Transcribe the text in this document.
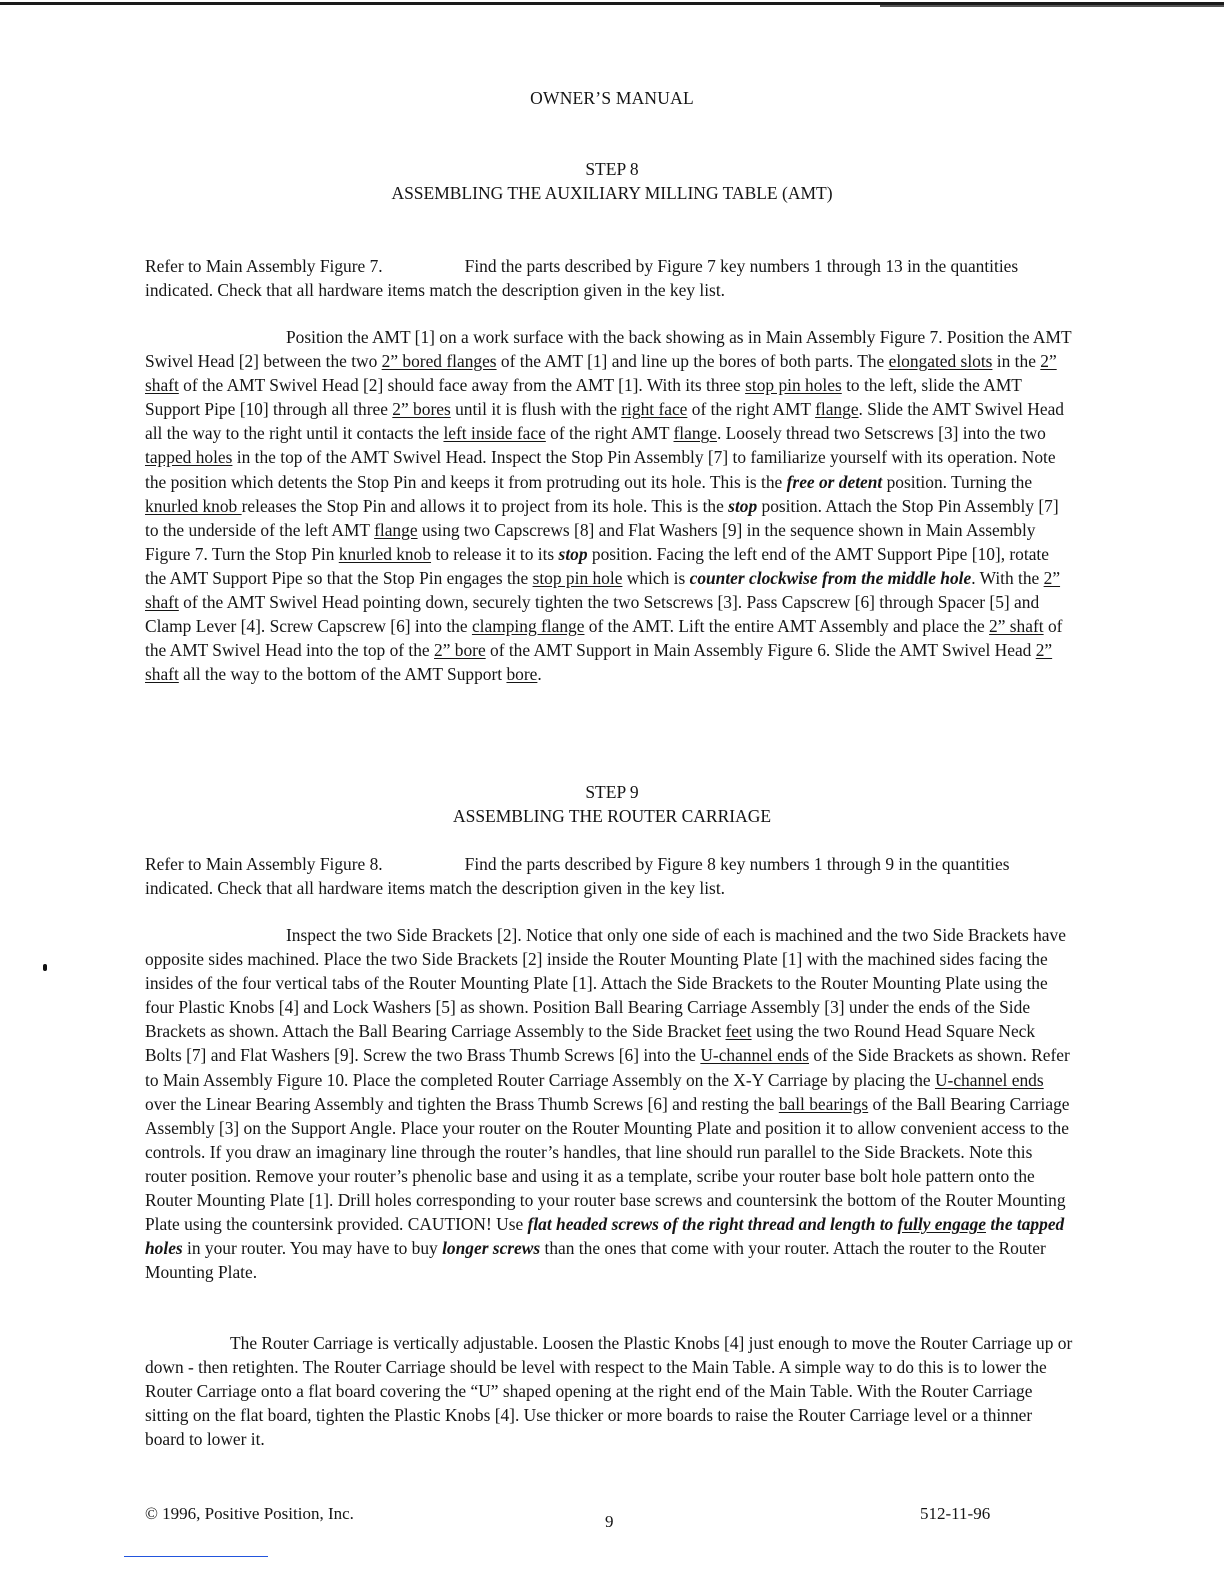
OWNER’S MANUAL
STEP 8
ASSEMBLING THE AUXILIARY MILLING TABLE (AMT)
Refer to Main Assembly Figure 7.	Find the parts described by Figure 7 key numbers 1 through 13 in the quantities indicated. Check that all hardware items match the description given in the key list.
Position the AMT [1] on a work surface with the back showing as in Main Assembly Figure 7. Position the AMT Swivel Head [2] between the two 2” bored flanges of the AMT [1] and line up the bores of both parts. The elongated slots in the 2” shaft of the AMT Swivel Head [2] should face away from the AMT [1]. With its three stop pin holes to the left, slide the AMT Support Pipe [10] through all three 2” bores until it is flush with the right face of the right AMT flange. Slide the AMT Swivel Head all the way to the right until it contacts the left inside face of the right AMT flange. Loosely thread two Setscrews [3] into the two tapped holes in the top of the AMT Swivel Head. Inspect the Stop Pin Assembly [7] to familiarize yourself with its operation. Note the position which detents the Stop Pin and keeps it from protruding out its hole. This is the free or detent position. Turning the knurled knob releases the Stop Pin and allows it to project from its hole. This is the stop position. Attach the Stop Pin Assembly [7] to the underside of the left AMT flange using two Capscrews [8] and Flat Washers [9] in the sequence shown in Main Assembly Figure 7. Turn the Stop Pin knurled knob to release it to its stop position. Facing the left end of the AMT Support Pipe [10], rotate the AMT Support Pipe so that the Stop Pin engages the stop pin hole which is counter clockwise from the middle hole. With the 2” shaft of the AMT Swivel Head pointing down, securely tighten the two Setscrews [3]. Pass Capscrew [6] through Spacer [5] and Clamp Lever [4]. Screw Capscrew [6] into the clamping flange of the AMT. Lift the entire AMT Assembly and place the 2” shaft of the AMT Swivel Head into the top of the 2” bore of the AMT Support in Main Assembly Figure 6. Slide the AMT Swivel Head 2” shaft all the way to the bottom of the AMT Support bore.
STEP 9
ASSEMBLING THE ROUTER CARRIAGE
Refer to Main Assembly Figure 8.	Find the parts described by Figure 8 key numbers 1 through 9 in the quantities indicated. Check that all hardware items match the description given in the key list.
Inspect the two Side Brackets [2]. Notice that only one side of each is machined and the two Side Brackets have opposite sides machined. Place the two Side Brackets [2] inside the Router Mounting Plate [1] with the machined sides facing the insides of the four vertical tabs of the Router Mounting Plate [1]. Attach the Side Brackets to the Router Mounting Plate using the four Plastic Knobs [4] and Lock Washers [5] as shown. Position Ball Bearing Carriage Assembly [3] under the ends of the Side Brackets as shown. Attach the Ball Bearing Carriage Assembly to the Side Bracket feet using the two Round Head Square Neck Bolts [7] and Flat Washers [9]. Screw the two Brass Thumb Screws [6] into the U-channel ends of the Side Brackets as shown. Refer to Main Assembly Figure 10. Place the completed Router Carriage Assembly on the X-Y Carriage by placing the U-channel ends over the Linear Bearing Assembly and tighten the Brass Thumb Screws [6] and resting the ball bearings of the Ball Bearing Carriage Assembly [3] on the Support Angle. Place your router on the Router Mounting Plate and position it to allow convenient access to the controls. If you draw an imaginary line through the router’s handles, that line should run parallel to the Side Brackets. Note this router position. Remove your router’s phenolic base and using it as a template, scribe your router base bolt hole pattern onto the Router Mounting Plate [1]. Drill holes corresponding to your router base screws and countersink the bottom of the Router Mounting Plate using the countersink provided. CAUTION! Use flat headed screws of the right thread and length to fully engage the tapped holes in your router. You may have to buy longer screws than the ones that come with your router. Attach the router to the Router Mounting Plate.
The Router Carriage is vertically adjustable. Loosen the Plastic Knobs [4] just enough to move the Router Carriage up or down - then retighten. The Router Carriage should be level with respect to the Main Table. A simple way to do this is to lower the Router Carriage onto a flat board covering the “U” shaped opening at the right end of the Main Table. With the Router Carriage sitting on the flat board, tighten the Plastic Knobs [4]. Use thicker or more boards to raise the Router Carriage level or a thinner board to lower it.
© 1996, Positive Position, Inc.	9	512-11-96
